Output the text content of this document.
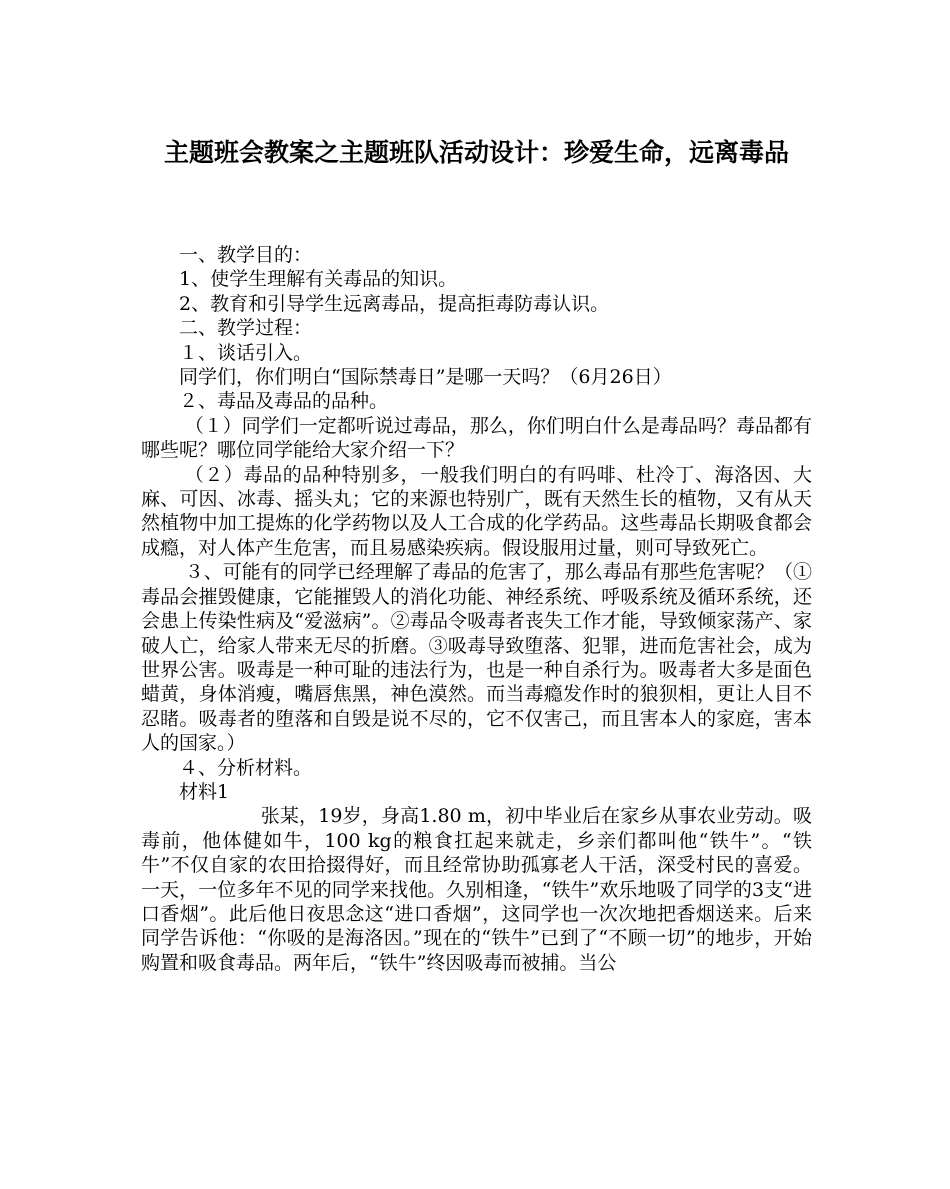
主题班会教案之主题班队活动设计：珍爱生命，远离毒品

一、教学目的：

1、使学生理解有关毒品的知识。

2、教育和引导学生远离毒品，提高拒毒防毒认识。

二、教学过程：

１、谈话引入。

同学们，你们明白“国际禁毒日”是哪一天吗？（6月26日）

２、毒品及毒品的品种。

（１）同学们一定都听说过毒品，那么，你们明白什么是毒品吗？毒品都有哪些呢？哪位同学能给大家介绍一下？

（２）毒品的品种特别多，一般我们明白的有吗啡、杜冷丁、海洛因、大麻、可因、冰毒、摇头丸；它的来源也特别广，既有天然生长的植物，又有从天然植物中加工提炼的化学药物以及人工合成的化学药品。这些毒品长期吸食都会成瘾，对人体产生危害，而且易感染疾病。假设服用过量，则可导致死亡。

３、可能有的同学已经理解了毒品的危害了，那么毒品有那些危害呢？（①毒品会摧毁健康，它能摧毁人的消化功能、神经系统、呼吸系统及循环系统，还会患上传染性病及“爱滋病”。②毒品令吸毒者丧失工作才能，导致倾家荡产、家破人亡，给家人带来无尽的折磨。③吸毒导致堕落、犯罪，进而危害社会，成为世界公害。吸毒是一种可耻的违法行为，也是一种自杀行为。吸毒者大多是面色蜡黄，身体消瘦，嘴唇焦黑，神色漠然。而当毒瘾发作时的狼狈相，更让人目不忍睹。吸毒者的堕落和自毁是说不尽的，它不仅害己，而且害本人的家庭，害本人的国家。）

４、分析材料。

材料1

张某，19岁，身高1.80 m，初中毕业后在家乡从事农业劳动。吸毒前，他体健如牛，100 kg的粮食扛起来就走，乡亲们都叫他“铁牛”。“铁牛”不仅自家的农田拾掇得好，而且经常协助孤寡老人干活，深受村民的喜爱。一天，一位多年不见的同学来找他。久别相逢，“铁牛”欢乐地吸了同学的3支“进口香烟”。此后他日夜思念这“进口香烟”，这同学也一次次地把香烟送来。后来同学告诉他：“你吸的是海洛因。”现在的“铁牛”已到了“不顾一切”的地步，开始购置和吸食毒品。两年后，“铁牛”终因吸毒而被捕。当公
